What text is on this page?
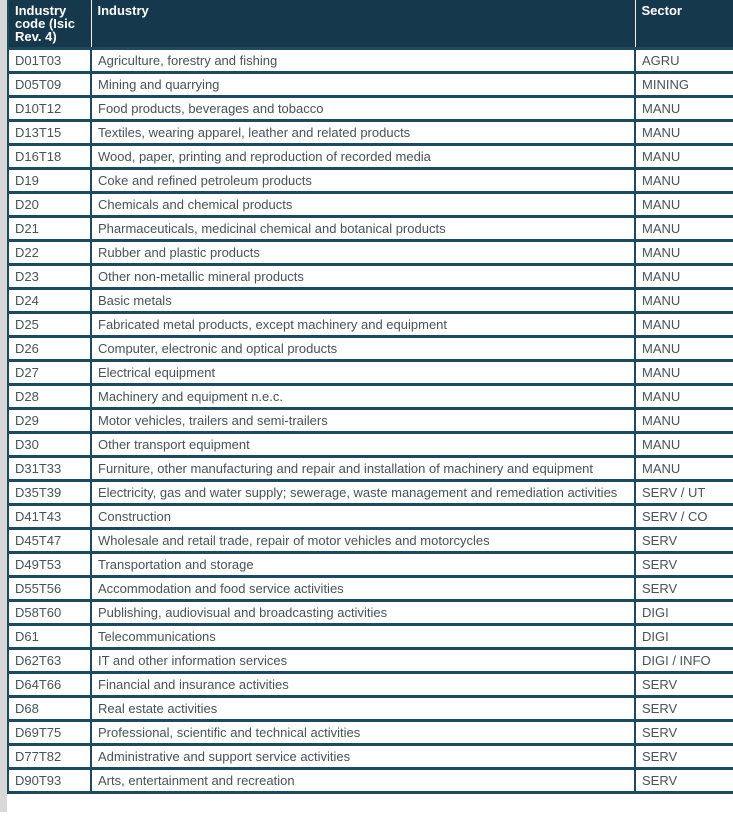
Industry code (Isic Rev. 4)	Industry	Sector
D01T03	Agriculture, forestry and fishing	AGRU
D05T09	Mining and quarrying	MINING
D10T12	Food products, beverages and tobacco	MANU
D13T15	Textiles, wearing apparel, leather and related products	MANU
D16T18	Wood, paper, printing and reproduction of recorded media	MANU
D19	Coke and refined petroleum products	MANU
D20	Chemicals and chemical products	MANU
D21	Pharmaceuticals, medicinal chemical and botanical products	MANU
D22	Rubber and plastic products	MANU
D23	Other non-metallic mineral products	MANU
D24	Basic metals	MANU
D25	Fabricated metal products, except machinery and equipment	MANU
D26	Computer, electronic and optical products	MANU
D27	Electrical equipment	MANU
D28	Machinery and equipment n.e.c.	MANU
D29	Motor vehicles, trailers and semi-trailers	MANU
D30	Other transport equipment	MANU
D31T33	Furniture, other manufacturing and repair and installation of machinery and equipment	MANU
D35T39	Electricity, gas and water supply; sewerage, waste management and remediation activities	SERV / UT
D41T43	Construction	SERV / CO
D45T47	Wholesale and retail trade, repair of motor vehicles and motorcycles	SERV
D49T53	Transportation and storage	SERV
D55T56	Accommodation and food service activities	SERV
D58T60	Publishing, audiovisual and broadcasting activities	DIGI
D61	Telecommunications	DIGI
D62T63	IT and other information services	DIGI / INFO
D64T66	Financial and insurance activities	SERV
D68	Real estate activities	SERV
D69T75	Professional, scientific and technical activities	SERV
D77T82	Administrative and support service activities	SERV
D90T93	Arts, entertainment and recreation	SERV
